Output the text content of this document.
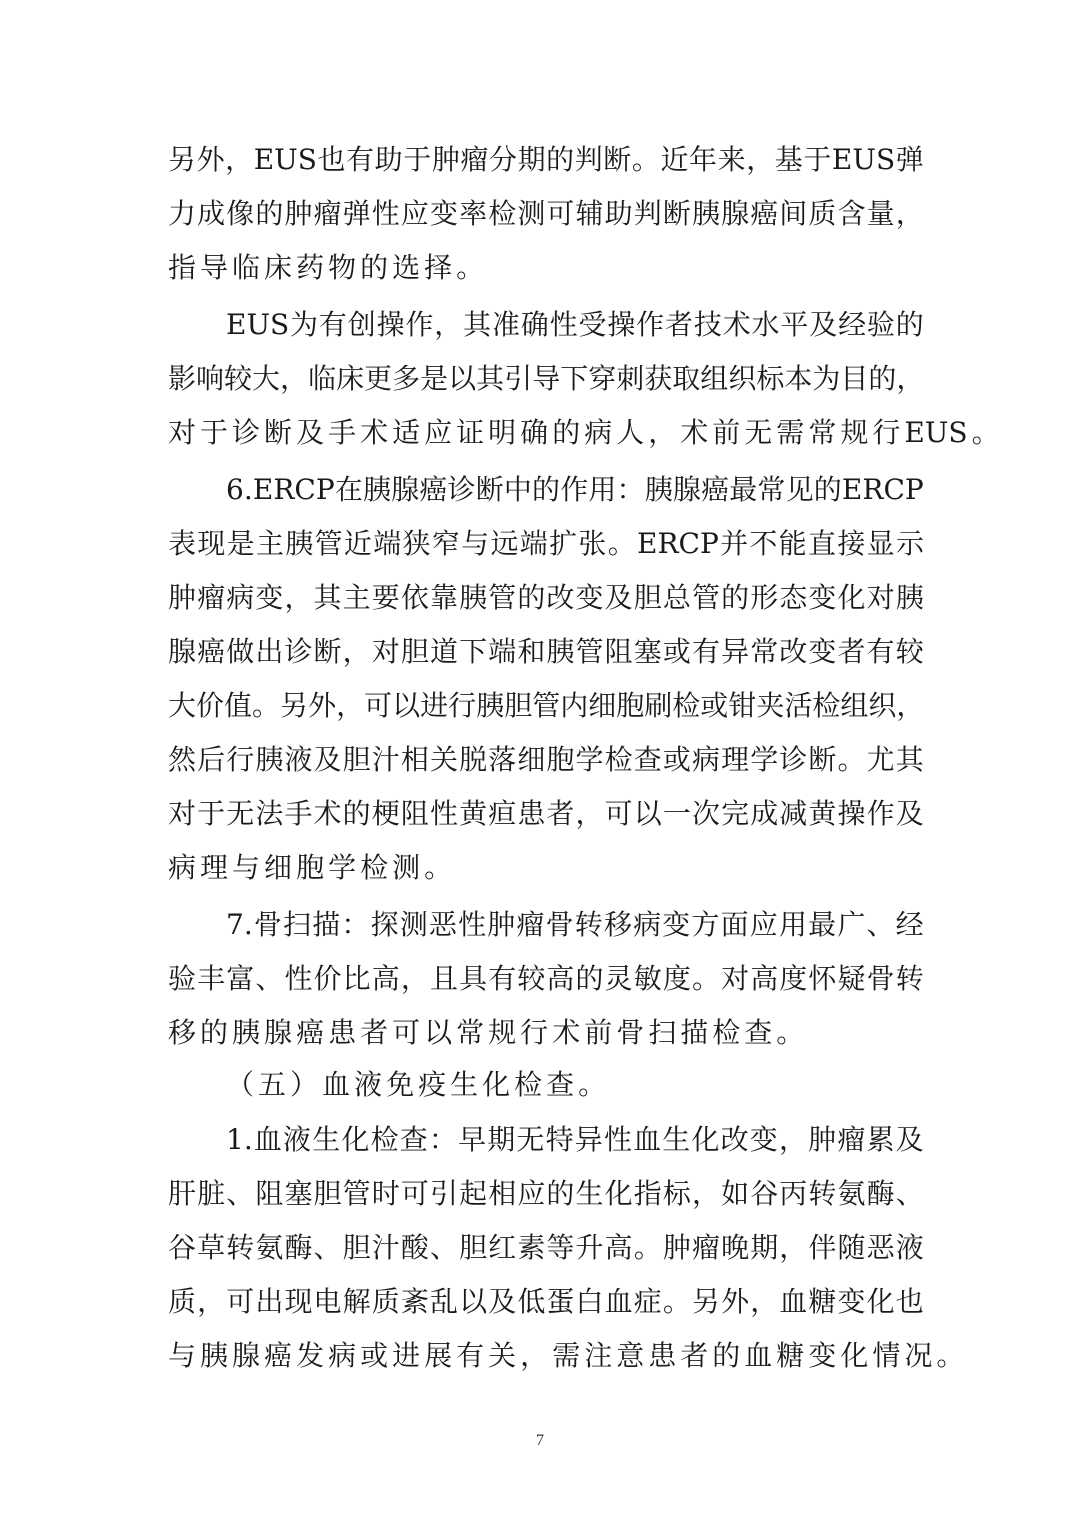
另 外 ， EUS 也 有 助 于 肿 瘤 分 期 的 判 断 。 近 年 来 ， 基 于 EUS 弹
力 成 像 的 肿 瘤 弹 性 应 变 率 检 测 可 辅 助 判 断 胰 腺 癌 间 质 含 量 ，
指 导 临 床 药 物 的 选 择 。
EUS 为 有 创 操 作 ， 其 准 确 性 受 操 作 者 技 术 水 平 及 经 验 的
影 响 较 大 ， 临 床 更 多 是 以 其 引 导 下 穿 刺 获 取 组 织 标 本 为 目 的 ，
对 于 诊 断 及 手 术 适 应 证 明 确 的 病 人 ， 术 前 无 需 常 规 行 EUS 。
6. ERCP 在 胰 腺 癌 诊 断 中 的 作 用 ： 胰 腺 癌 最 常 见 的 ERCP
表 现 是 主 胰 管 近 端 狭 窄 与 远 端 扩 张 。 ERCP 并 不 能 直 接 显 示
肿 瘤 病 变 ， 其 主 要 依 靠 胰 管 的 改 变 及 胆 总 管 的 形 态 变 化 对 胰
腺 癌 做 出 诊 断 ， 对 胆 道 下 端 和 胰 管 阻 塞 或 有 异 常 改 变 者 有 较
大 价 值 。 另 外 ， 可 以 进 行 胰 胆 管 内 细 胞 刷 检 或 钳 夹 活 检 组 织 ，
然 后 行 胰 液 及 胆 汁 相 关 脱 落 细 胞 学 检 查 或 病 理 学 诊 断 。 尤 其
对 于 无 法 手 术 的 梗 阻 性 黄 疸 患 者 ， 可 以 一 次 完 成 减 黄 操 作 及
病 理 与 细 胞 学 检 测 。
7. 骨 扫 描 ： 探 测 恶 性 肿 瘤 骨 转 移 病 变 方 面 应 用 最 广 、 经
验 丰 富 、 性 价 比 高 ， 且 具 有 较 高 的 灵 敏 度 。 对 高 度 怀 疑 骨 转
移 的 胰 腺 癌 患 者 可 以 常 规 行 术 前 骨 扫 描 检 查 。
（ 五 ） 血 液 免 疫 生 化 检 查 。
1. 血 液 生 化 检 查 ： 早 期 无 特 异 性 血 生 化 改 变 ， 肿 瘤 累 及
肝 脏 、 阻 塞 胆 管 时 可 引 起 相 应 的 生 化 指 标 ， 如 谷 丙 转 氨 酶 、
谷 草 转 氨 酶 、 胆 汁 酸 、 胆 红 素 等 升 高 。 肿 瘤 晚 期 ， 伴 随 恶 液
质 ， 可 出 现 电 解 质 紊 乱 以 及 低 蛋 白 血 症 。 另 外 ， 血 糖 变 化 也
与 胰 腺 癌 发 病 或 进 展 有 关 ， 需 注 意 患 者 的 血 糖 变 化 情 况 。
7
